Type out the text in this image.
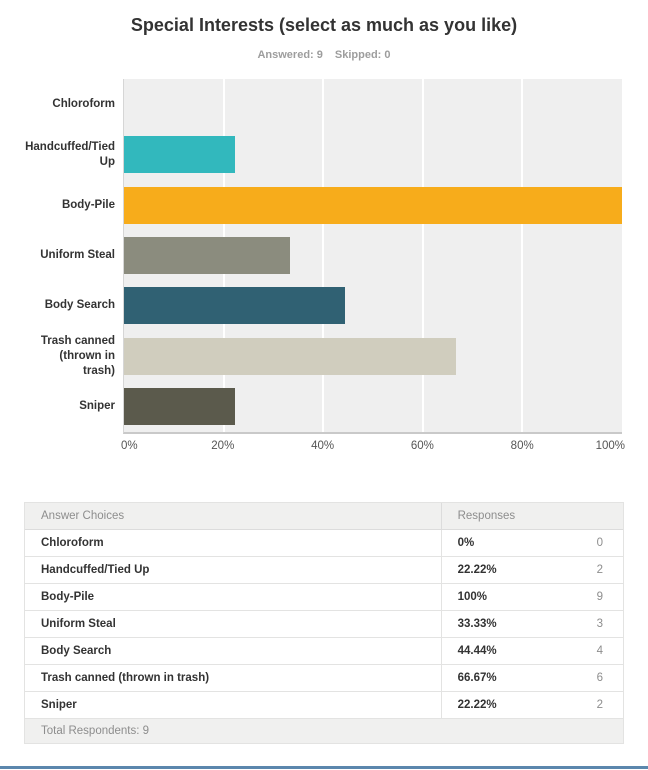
Special Interests (select as much as you like)
Answered: 9 Skipped: 0
Chloroform
Handcuffed/Tied Up
Body-Pile
Uniform Steal
Body Search
Trash canned (thrown in trash)
Sniper
0%	20%	40%	60%	80%	100%
Answer Choices	Responses
Chloroform	0%	0
Handcuffed/Tied Up	22.22%	2
Body-Pile	100%	9
Uniform Steal	33.33%	3
Body Search	44.44%	4
Trash canned (thrown in trash)	66.67%	6
Sniper	22.22%	2
Total Respondents: 9
